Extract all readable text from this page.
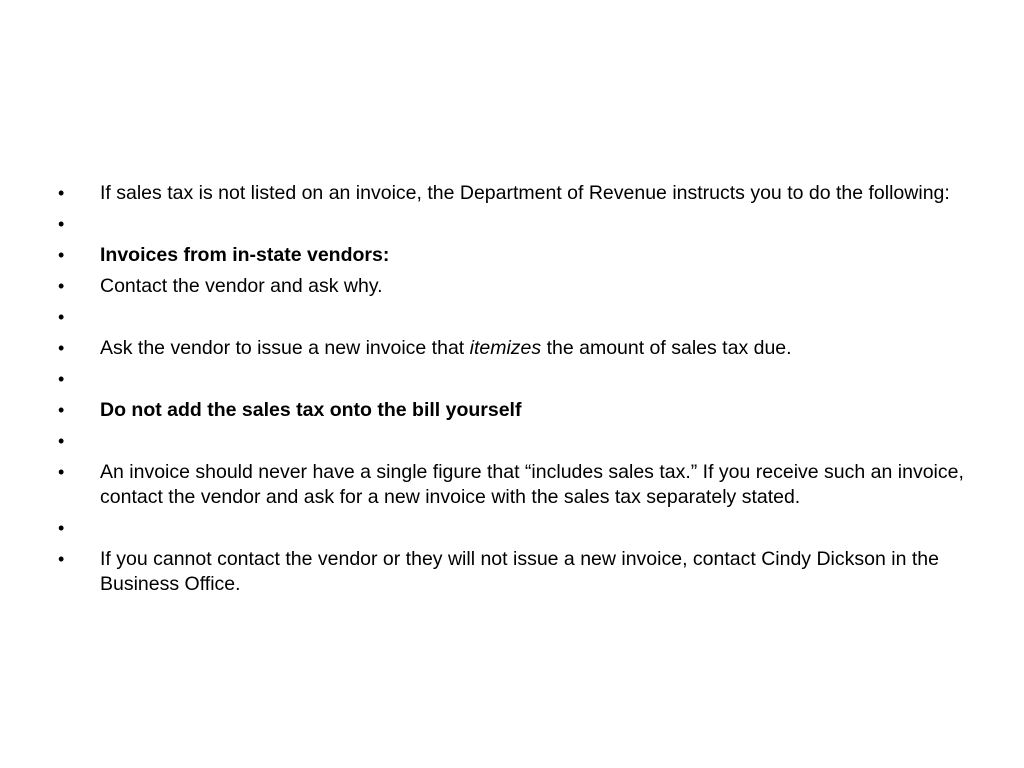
•	If sales tax is not listed on an invoice, the Department of Revenue instructs you to do the following:
•
•	Invoices from in-state vendors:
•	Contact the vendor and ask why.
•
•	Ask the vendor to issue a new invoice that itemizes the amount of sales tax due.
•
•	Do not add the sales tax onto the bill yourself
•
•	An invoice should never have a single figure that “includes sales tax.” If you receive such an invoice, contact the vendor and ask for a new invoice with the sales tax separately stated.
•
•	If you cannot contact the vendor or they will not issue a new invoice, contact Cindy Dickson in the Business Office.
